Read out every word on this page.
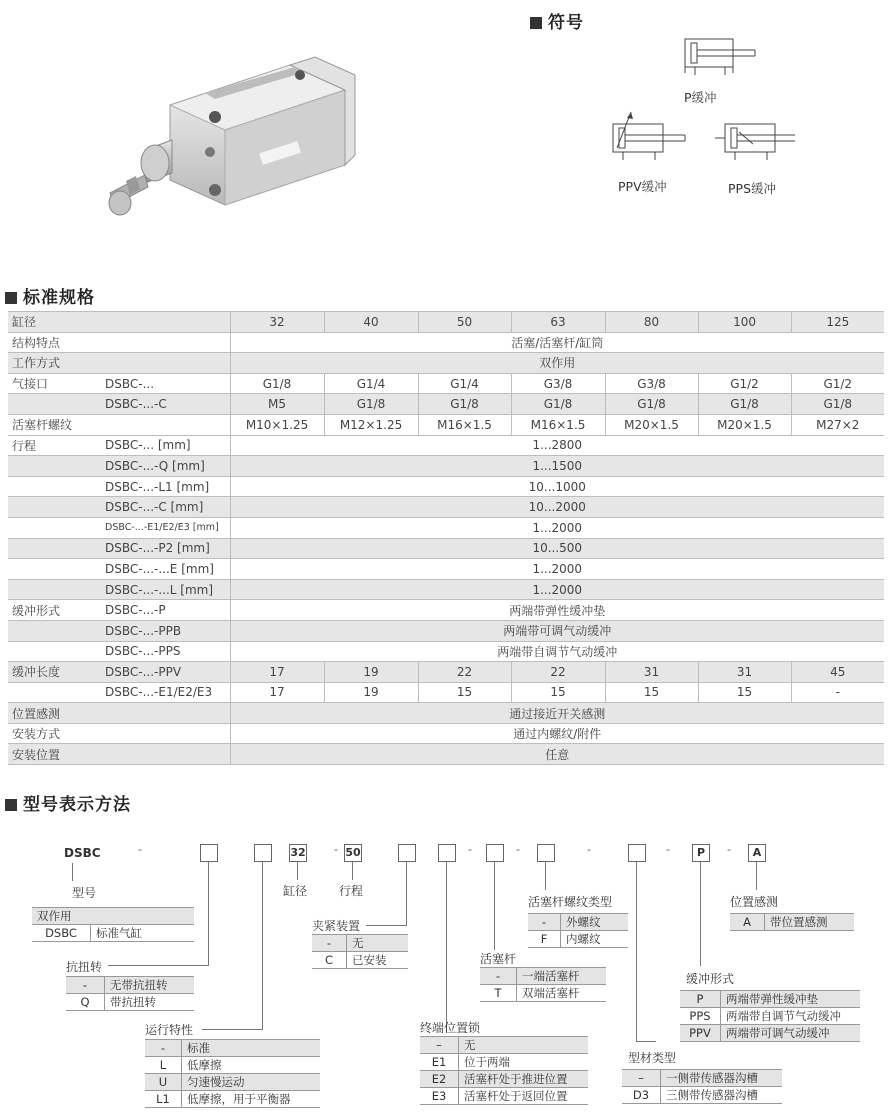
符号
P缓冲
PPV缓冲	PPS缓冲
标准规格
缸径		32	40	50	63	80	100	125
结构特点		活塞/活塞杆/缸筒						
工作方式		双作用						
气接口	DSBC-...	G1/8	G1/4	G1/4	G3/8	G3/8	G1/2	G1/2
	DSBC-...-C	M5	G1/8	G1/8	G1/8	G1/8	G1/8	G1/8
活塞杆螺纹		M10×1.25	M12×1.25	M16×1.5	M16×1.5	M20×1.5	M20×1.5	M27×2
行程	DSBC-... [mm]	1...2800						
	DSBC-...-Q [mm]	1...1500						
	DSBC-...-L1 [mm]	10...1000						
	DSBC-...-C [mm]	10...2000						
	DSBC-...-E1/E2/E3 [mm]	1...2000						
	DSBC-...-P2 [mm]	10...500						
	DSBC-...-...E [mm]	1...2000						
	DSBC-...-...L [mm]	1...2000						
缓冲形式	DSBC-...-P	两端带弹性缓冲垫						
	DSBC-...-PPB	两端带可调气动缓冲						
	DSBC-...-PPS	两端带自调节气动缓冲						
缓冲长度	DSBC-...-PPV	17	19	22	22	31	31	45
	DSBC-...-E1/E2/E3	17	19	15	15	15	15	-
位置感测		通过接近开关感测						
安装方式		通过内螺纹/附件						
安装位置		任意						
型号表示方法
DSBC	-	-	-	-	-	-	-
32	50	P	A
型号
双作用
DSBC	标准气缸
抗扭转
-	无带抗扭转
Q	带抗扭转
运行特性
-	标准
L	低摩擦
U	匀速慢运动
L1	低摩擦，用于平衡器
缸径	行程
夹紧装置
-	无
C	已安装
终端位置锁
–	无
E1	位于两端
E2	活塞杆处于推进位置
E3	活塞杆处于返回位置
活塞杆
-	一端活塞杆
T	双端活塞杆
活塞杆螺纹类型
-	外螺纹
F	内螺纹
型材类型
–	一侧带传感器沟槽
D3	三侧带传感器沟槽
缓冲形式
P	两端带弹性缓冲垫
PPS	两端带自调节气动缓冲
PPV	两端带可调气动缓冲
位置感测
A	带位置感测
